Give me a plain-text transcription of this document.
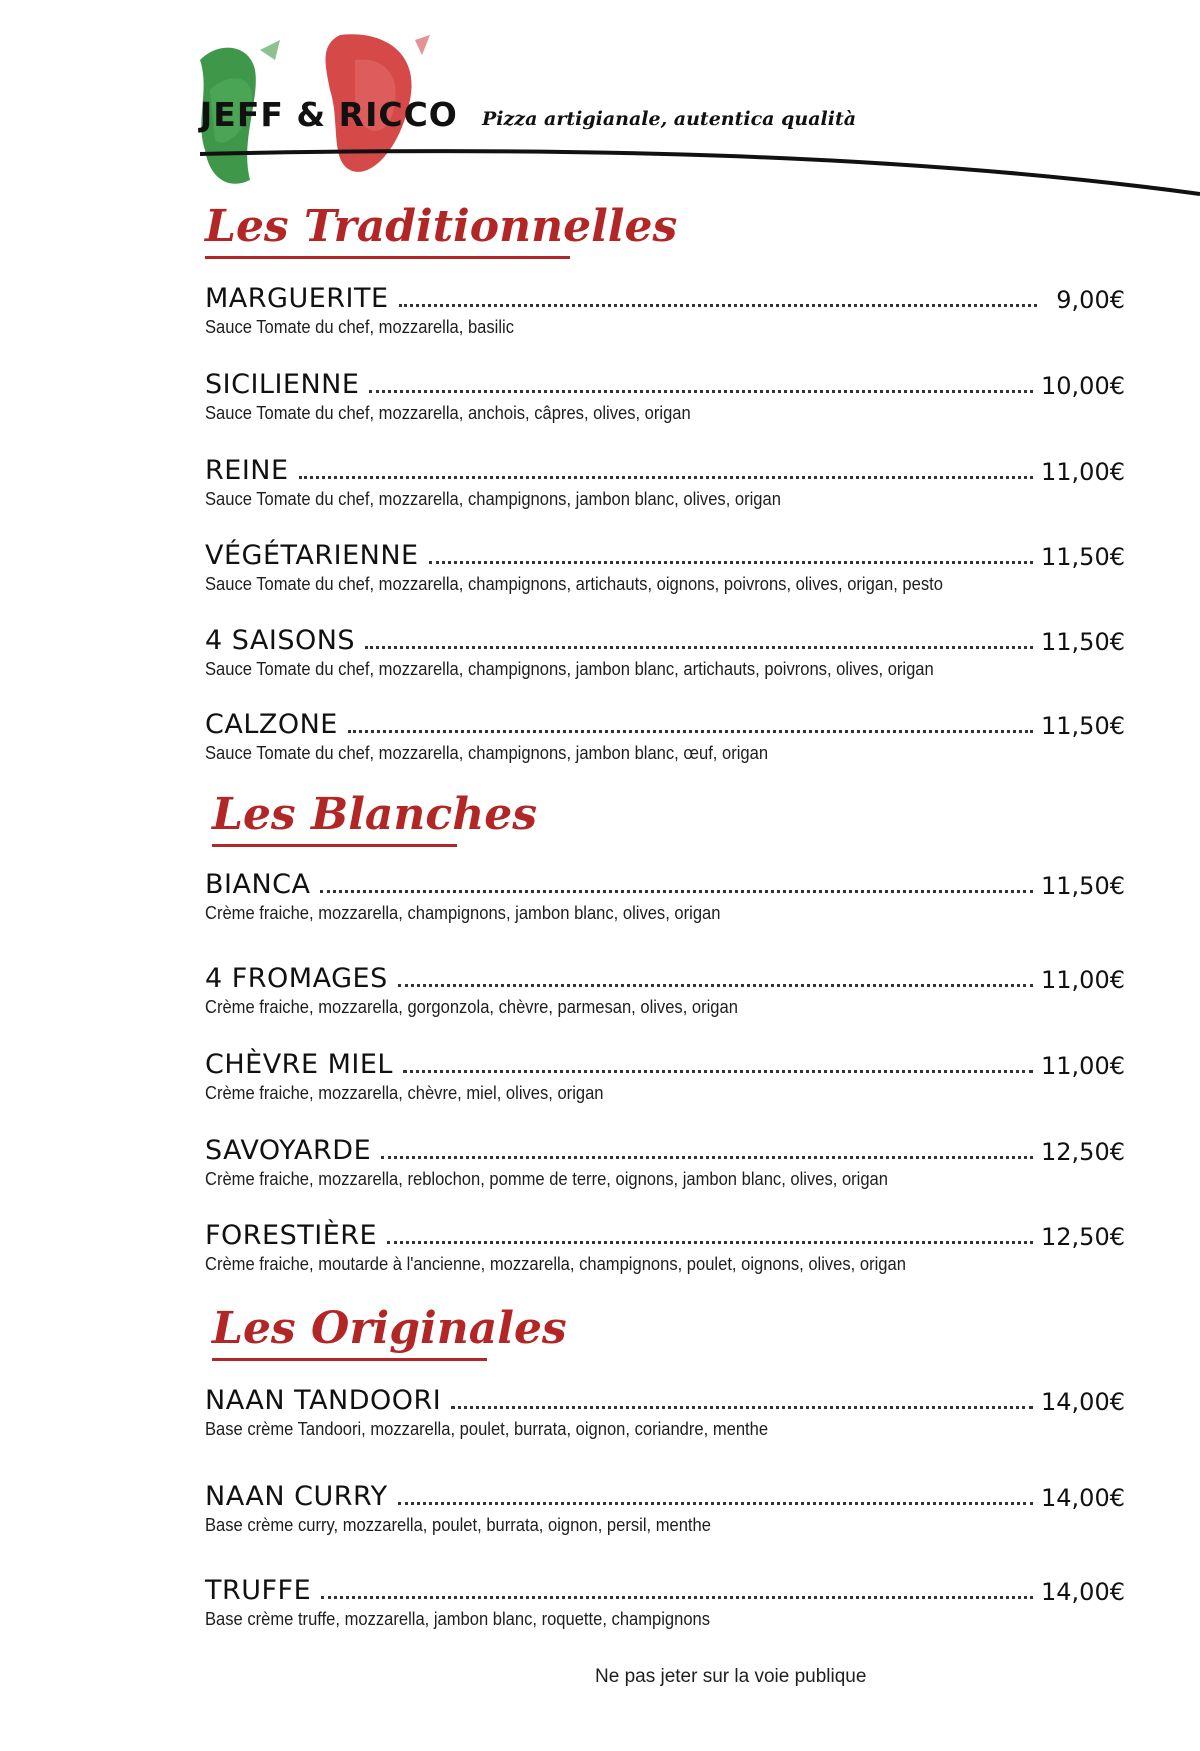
JEFF & RICCO Pizza artigianale, autentica qualità
Les Traditionnelles
MARGUERITE	9,00€
Sauce Tomate du chef, mozzarella, basilic
SICILIENNE	10,00€
Sauce Tomate du chef, mozzarella, anchois, câpres, olives, origan
REINE	11,00€
Sauce Tomate du chef, mozzarella, champignons, jambon blanc, olives, origan
VÉGÉTARIENNE	11,50€
Sauce Tomate du chef, mozzarella, champignons, artichauts, oignons, poivrons, olives, origan, pesto
4 SAISONS	11,50€
Sauce Tomate du chef, mozzarella, champignons, jambon blanc, artichauts, poivrons, olives, origan
CALZONE	11,50€
Sauce Tomate du chef, mozzarella, champignons, jambon blanc, œuf, origan
Les Blanches
BIANCA	11,50€
Crème fraiche, mozzarella, champignons, jambon blanc, olives, origan
4 FROMAGES	11,00€
Crème fraiche, mozzarella, gorgonzola, chèvre, parmesan, olives, origan
CHÈVRE MIEL	11,00€
Crème fraiche, mozzarella, chèvre, miel, olives, origan
SAVOYARDE	12,50€
Crème fraiche, mozzarella, reblochon, pomme de terre, oignons, jambon blanc, olives, origan
FORESTIÈRE	12,50€
Crème fraiche, moutarde à l'ancienne, mozzarella, champignons, poulet, oignons, olives, origan
Les Originales
NAAN TANDOORI	14,00€
Base crème Tandoori, mozzarella, poulet, burrata, oignon, coriandre, menthe
NAAN CURRY	14,00€
Base crème curry, mozzarella, poulet, burrata, oignon, persil, menthe
TRUFFE	14,00€
Base crème truffe, mozzarella, jambon blanc, roquette, champignons
Ne pas jeter sur la voie publique
